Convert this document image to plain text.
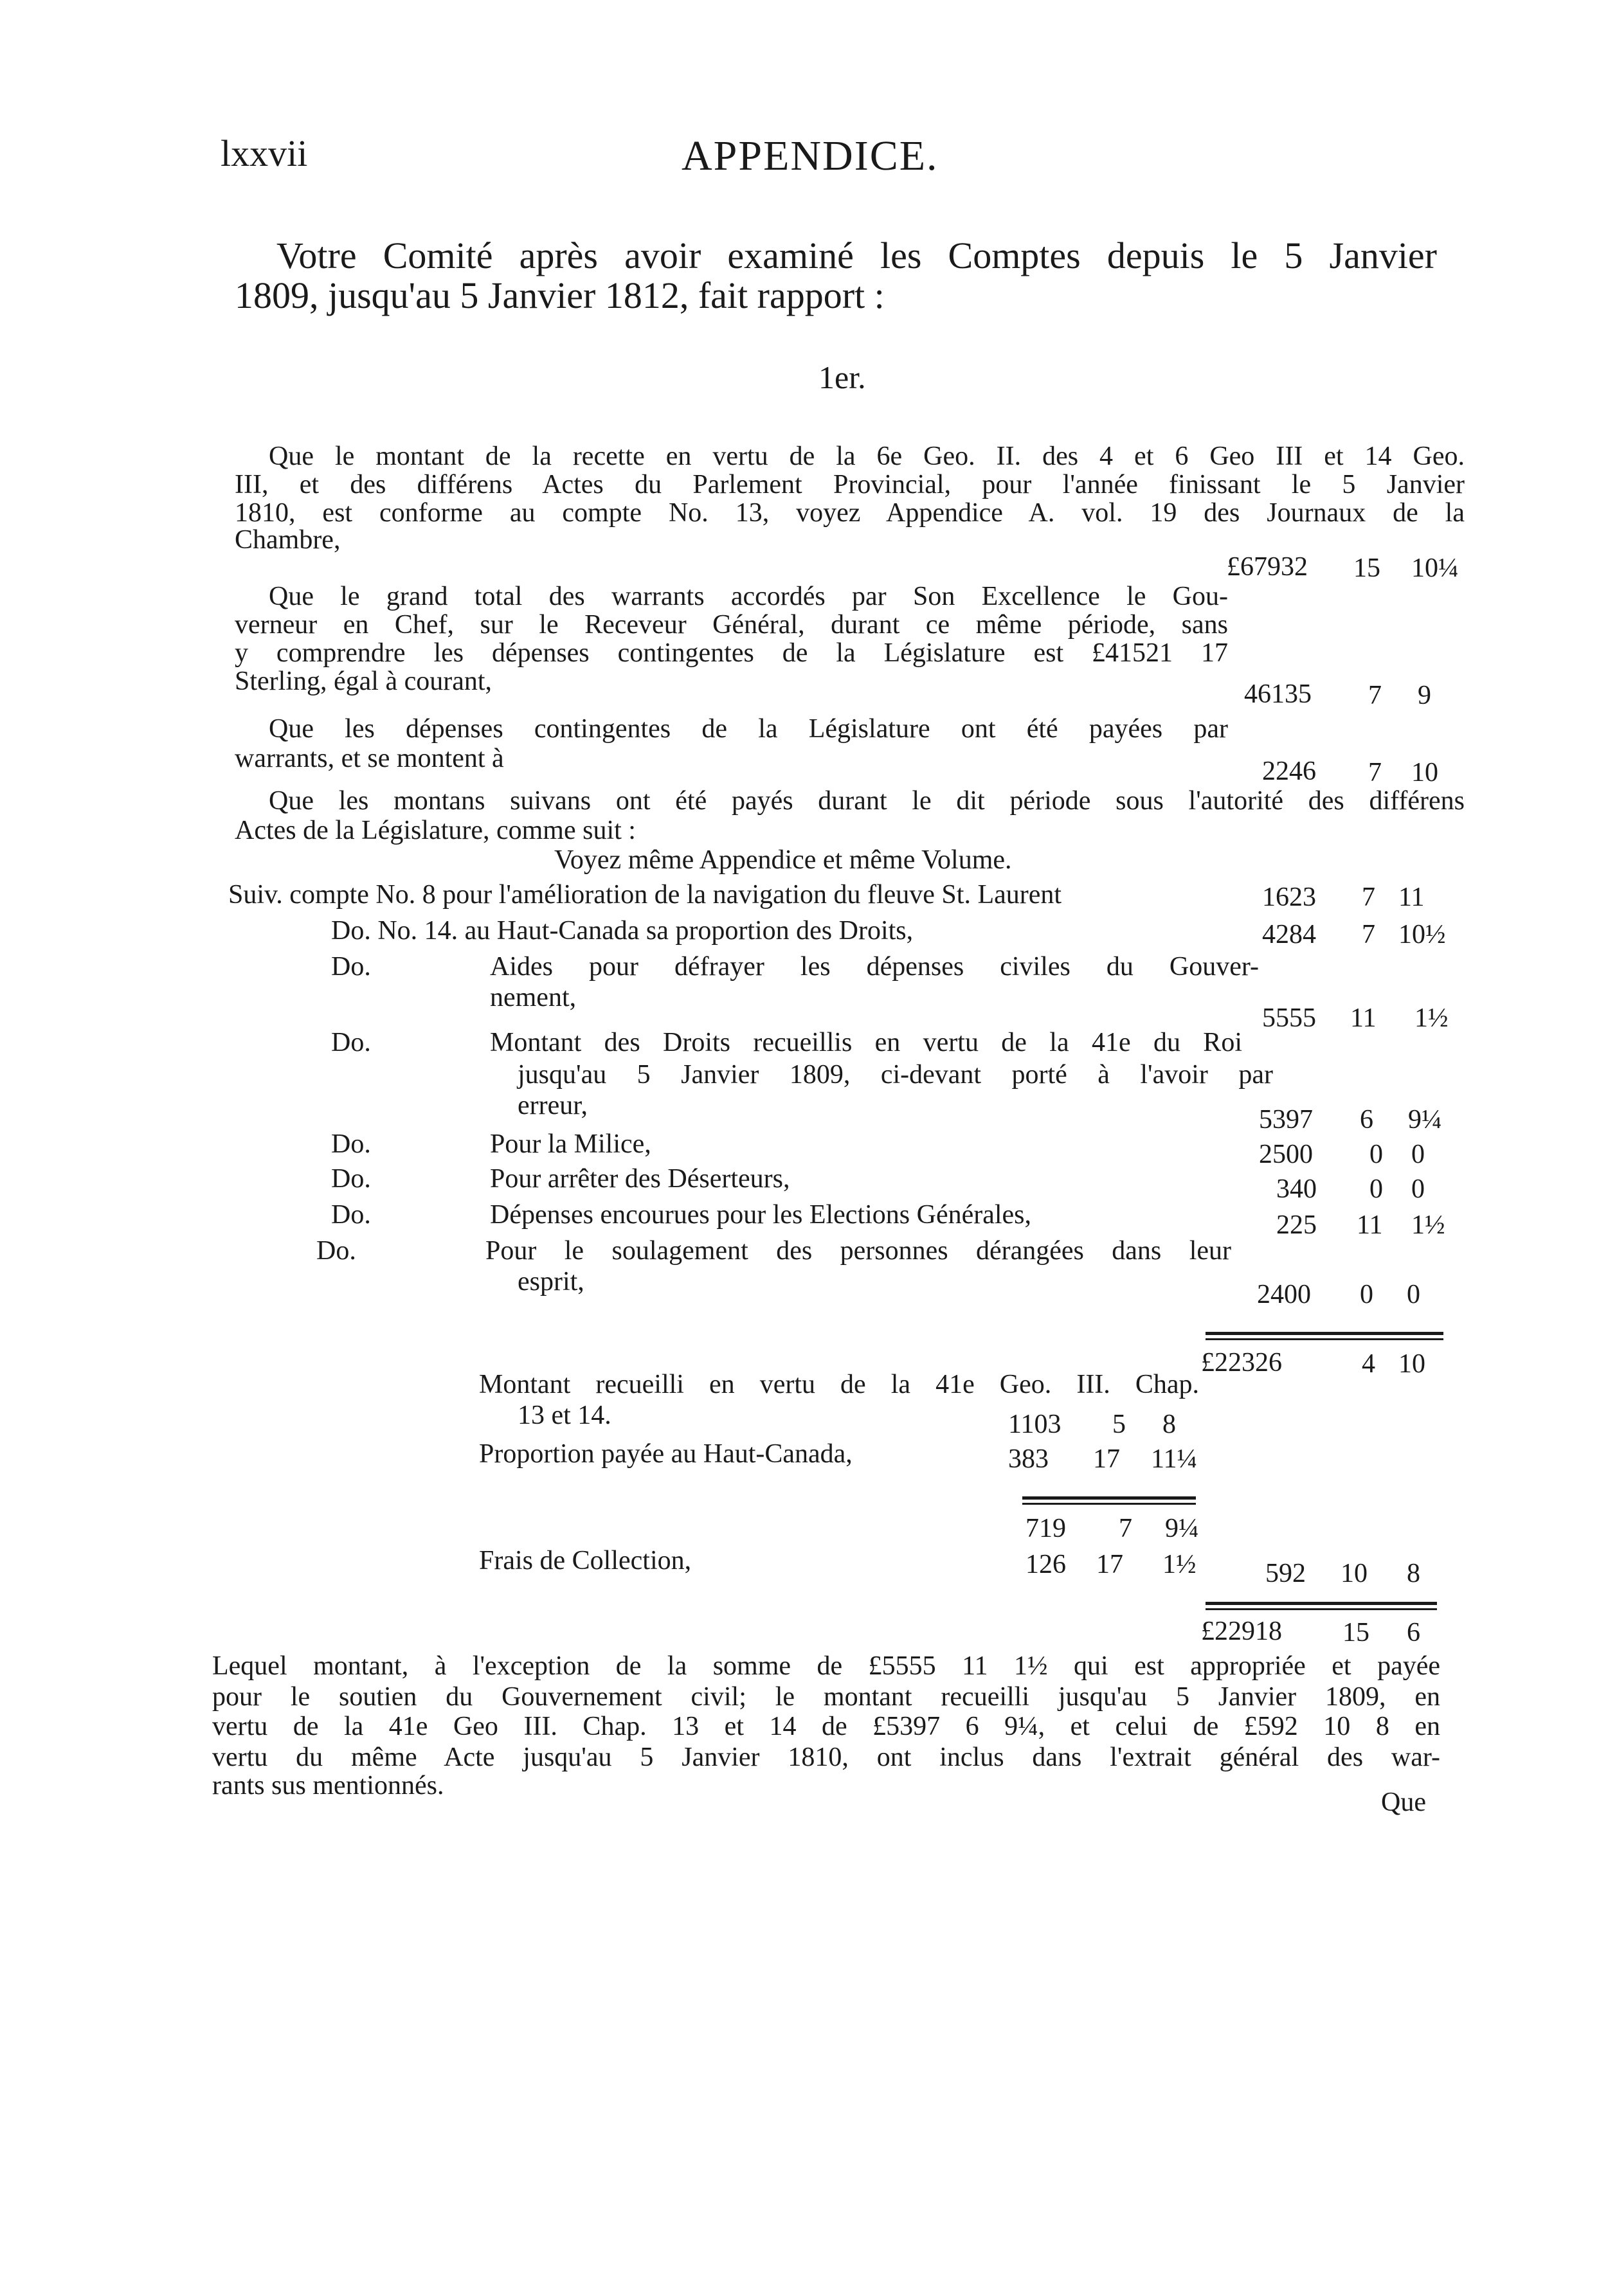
lxxvii	APPENDICE.
Votre Comité après avoir examiné les Comptes depuis le 5 Janvier
1809, jusqu'au 5 Janvier 1812, fait rapport :
1er.
Que le montant de la recette en vertu de la 6e Geo. II. des 4 et 6 Geo III et 14 Geo.
III, et des différens Actes du Parlement Provincial, pour l'année finissant le 5 Janvier
1810, est conforme au compte No. 13, voyez Appendice A. vol. 19 des Journaux de la
Chambre,
£67932 15 10¼
Que le grand total des warrants accordés par Son Excellence le Gou-
verneur en Chef, sur le Receveur Général, durant ce même période, sans
y comprendre les dépenses contingentes de la Législature est £41521 17
Sterling, égal à courant,	46135 7 9
Que les dépenses contingentes de la Législature ont été payées par
warrants, et se montent à	2246 7 10
Que les montans suivans ont été payés durant le dit période sous l'autorité des différens
Actes de la Législature, comme suit :
Voyez même Appendice et même Volume.
Suiv. compte No. 8 pour l'amélioration de la navigation du fleuve St. Laurent	1623 7 11
Do. No. 14. au Haut-Canada sa proportion des Droits,	4284 7 10½
Do.	Aides pour défrayer les dépenses civiles du Gouver-
nement,
5555 11 1½
Do.	Montant des Droits recueillis en vertu de la 41e du Roi
jusqu'au 5 Janvier 1809, ci-devant porté à l'avoir par
erreur,	5397 6 9¼
Do.	Pour la Milice,	2500 0 0
Do.	Pour arrêter des Déserteurs,	340 0 0
Do.	Dépenses encourues pour les Elections Générales,	225 11 1½
Do.	Pour le soulagement des personnes dérangées dans leur
esprit,	2400 0 0
£22326	4 10
Montant recueilli en vertu de la 41e Geo. III. Chap.
13 et 14.	1103 5 8
Proportion payée au Haut-Canada,	383 17 11¼
719 7 9¼
Frais de Collection,	126 17 1½	592 10 8
£22918 15 6
Lequel montant, à l'exception de la somme de £5555 11 1½ qui est appropriée et payée
pour le soutien du Gouvernement civil; le montant recueilli jusqu'au 5 Janvier 1809, en
vertu de la 41e Geo III. Chap. 13 et 14 de £5397 6 9¼, et celui de £592 10 8 en
vertu du même Acte jusqu'au 5 Janvier 1810, ont inclus dans l'extrait général des war-
rants sus mentionnés.
Que
